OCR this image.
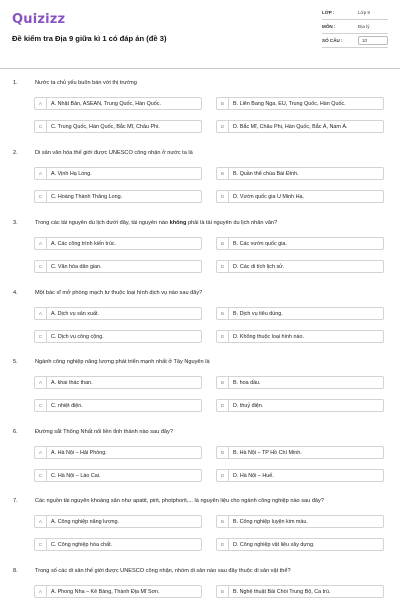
Quizizz
Đề kiểm tra Địa 9 giữa kì 1 có đáp án (đề 3)
LỚP :	Lớp 9
MÔN :	Địa lý
SỐ CÂU :	10
1.	Nước ta chủ yếu buôn bán với thị trường
A	A. Nhật Bản, ASEAN, Trung Quốc, Hàn Quốc.	B	B. Liên Bang Nga, EU, Trung Quốc, Hàn Quốc.
C	C. Trung Quốc, Hàn Quốc, Bắc Mĩ, Châu Phi.	D	D. Bắc Mĩ, Châu Phi, Hàn Quốc, Bắc Á, Nam Á.
2.	Di sản văn hóa thế giới được UNESCO công nhận ở nước ta là
A	A. Vịnh Hạ Long.	B	B. Quần thể chùa Bái Đính.
C	C. Hoàng Thành Thăng Long.	D	D. Vườn quốc gia U Minh Hạ.
3.	Trong các tài nguyên du lịch dưới đây, tài nguyên nào không phải là tài nguyên du lịch nhân văn?
A	A. Các công trình kiến trúc.	B	B. Các vườn quốc gia.
C	C. Văn hóa dân gian.	D	D. Các di tích lịch sử.
4.	Một bác sĩ mở phòng mạch tư thuộc loại hình dịch vụ nào sau đây?
A	A. Dịch vụ sản xuất.	B	B. Dịch vụ tiêu dùng.
C	C. Dịch vụ công cộng.	D	D. Không thuộc loại hình nào.
5.	Ngành công nghiệp năng lượng phát triển mạnh nhất ở Tây Nguyên là
A	A. khai thác than.	B	B. hoa dầu.
C	C. nhiệt điện.	D	D. thuỷ điện.
6.	Đường sắt Thống Nhất nối liền tỉnh thành nào sau đây?
A	A. Hà Nội – Hải Phòng.	B	B. Hà Nội – TP Hồ Chí Minh.
C	C. Hà Nội – Lào Cai.	D	D. Hà Nội – Huế.
7.	Các nguồn tài nguyên khoáng sản như apatit, pirit, photphorit,... là nguyên liệu cho ngành công nghiệp nào sau đây?
A	A. Công nghiệp năng lượng.	B	B. Công nghiệp luyện kim màu.
C	C. Công nghiệp hóa chất.	D	D. Công nghiệp vật liệu xây dựng.
8.	Trong số các di sản thế giới được UNESCO công nhận, nhóm di sản nào sau đây thuộc di sản vật thể?
A	A. Phong Nha – Kẻ Bàng, Thành Địa Mĩ Sơn.	B	B. Nghệ thuật Bài Chòi Trung Bộ, Ca trù.
